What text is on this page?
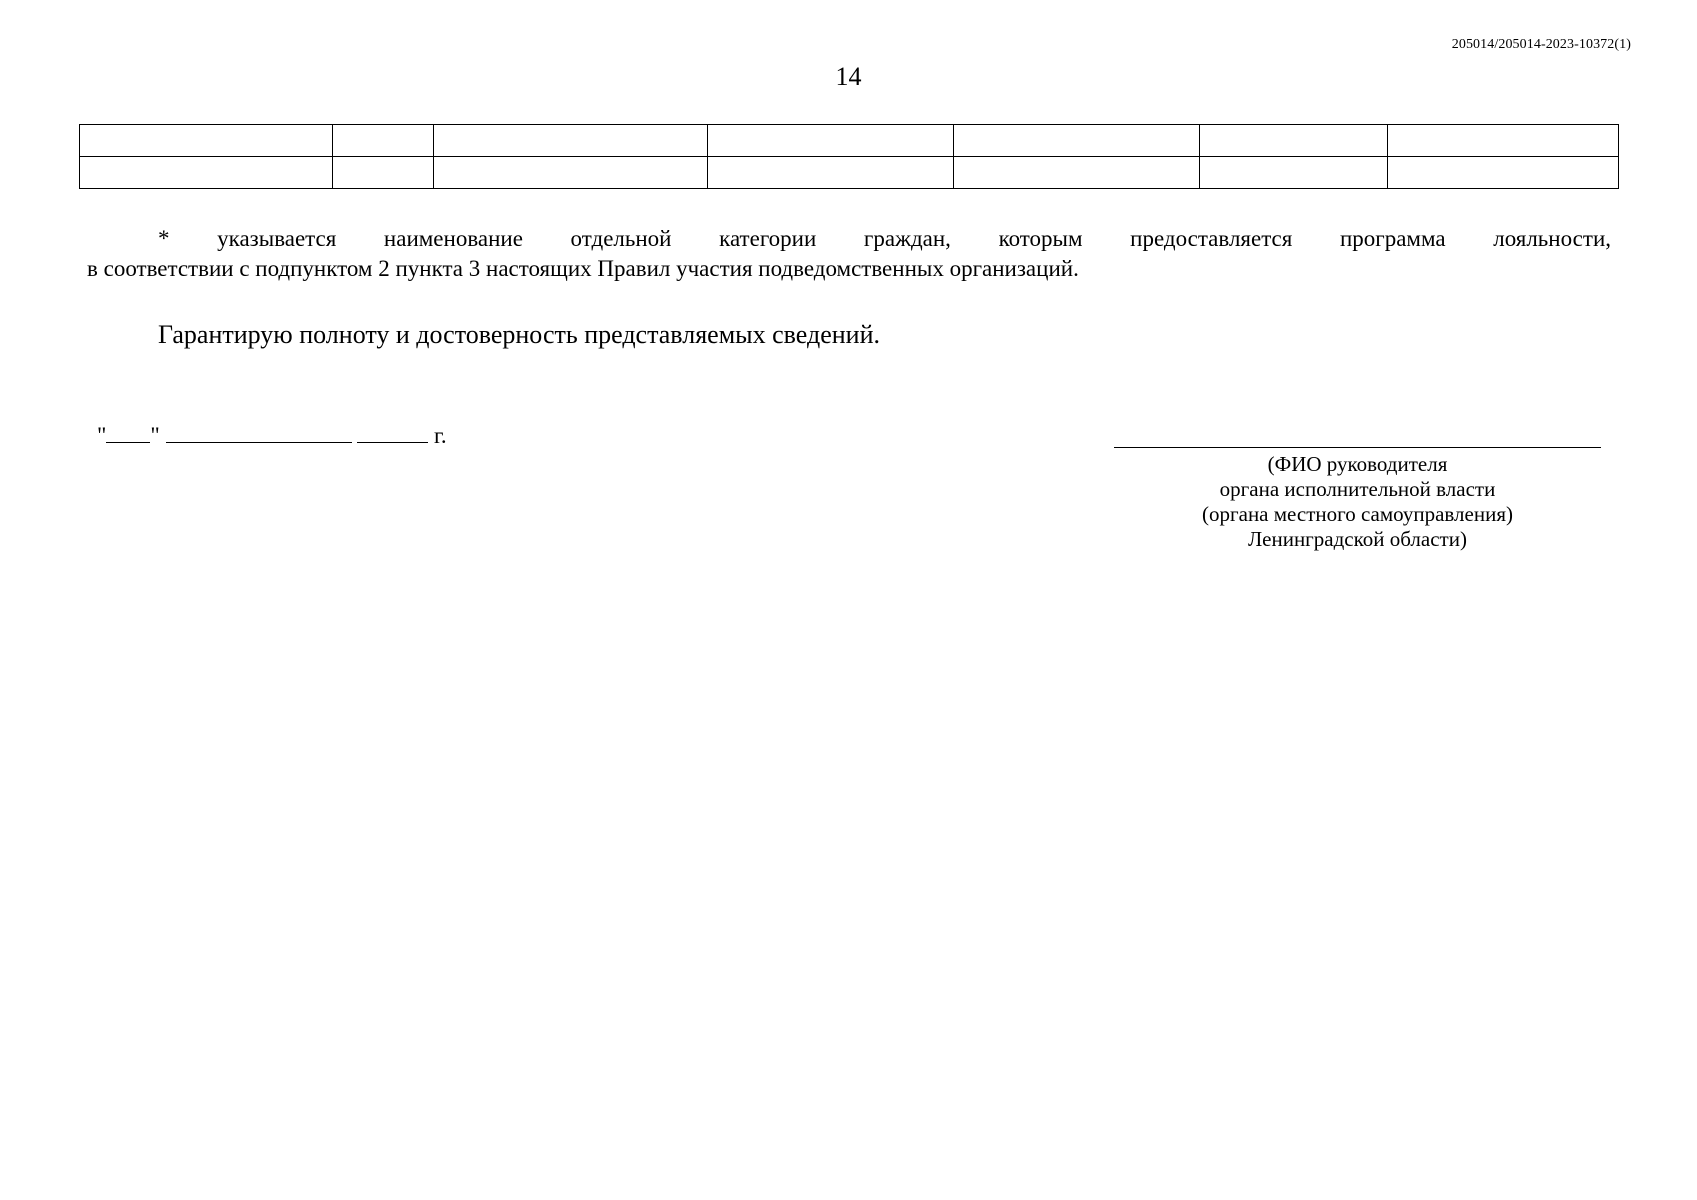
205014/205014-2023-10372(1)
14

* указывается наименование отдельной категории граждан, которым предоставляется программа лояльности,
в соответствии с подпунктом 2 пункта 3 настоящих Правил участия подведомственных организаций.
Гарантирую полноту и достоверность представляемых сведений.
" "	г.
(ФИО руководителя
органа исполнительной власти
(органа местного самоуправления)
Ленинградской области)
